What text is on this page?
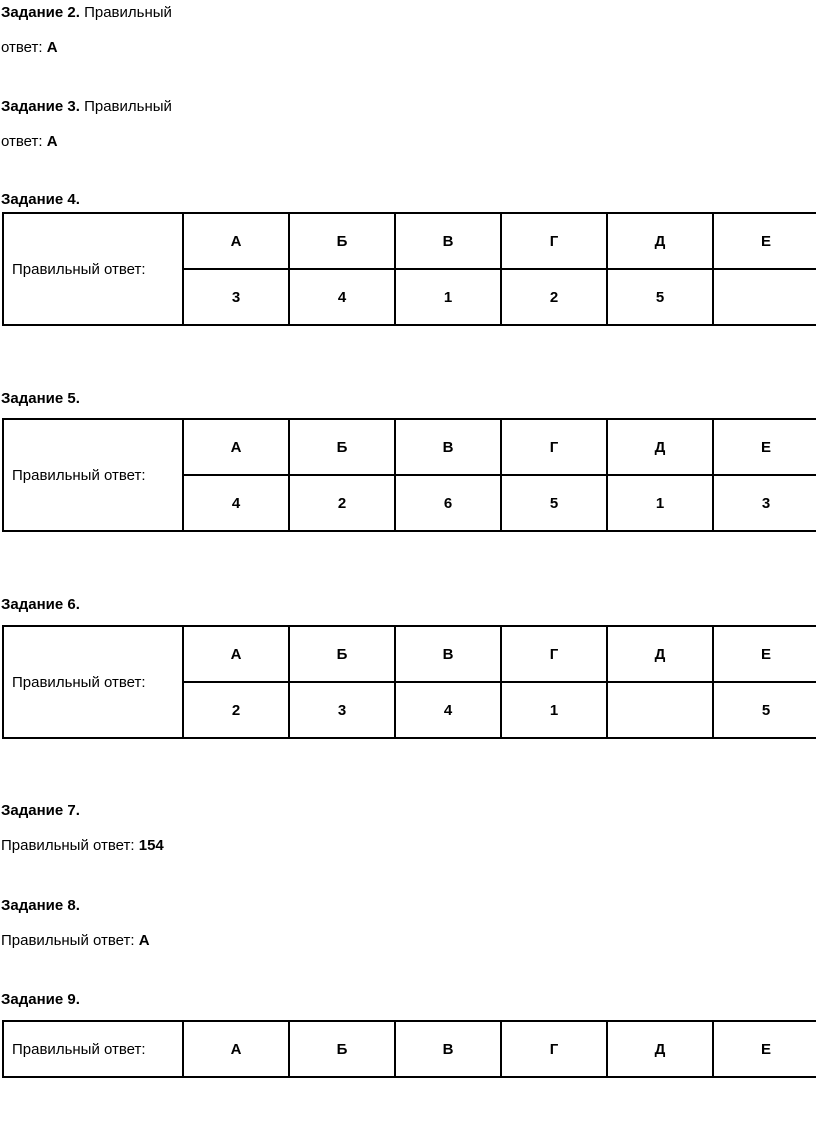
Задание 2. Правильный
ответ: А
Задание 3. Правильный
ответ: А
Задание 4.
Правильный ответ:	А	Б	В	Г	Д	Е
	3	4	1	2	5	
Задание 5.
Правильный ответ:	А	Б	В	Г	Д	Е
	4	2	6	5	1	3
Задание 6.
Правильный ответ:	А	Б	В	Г	Д	Е
	2	3	4	1		5
Задание 7.
Правильный ответ: 154
Задание 8.
Правильный ответ: А
Задание 9.
Правильный ответ:	А	Б	В	Г	Д	Е
